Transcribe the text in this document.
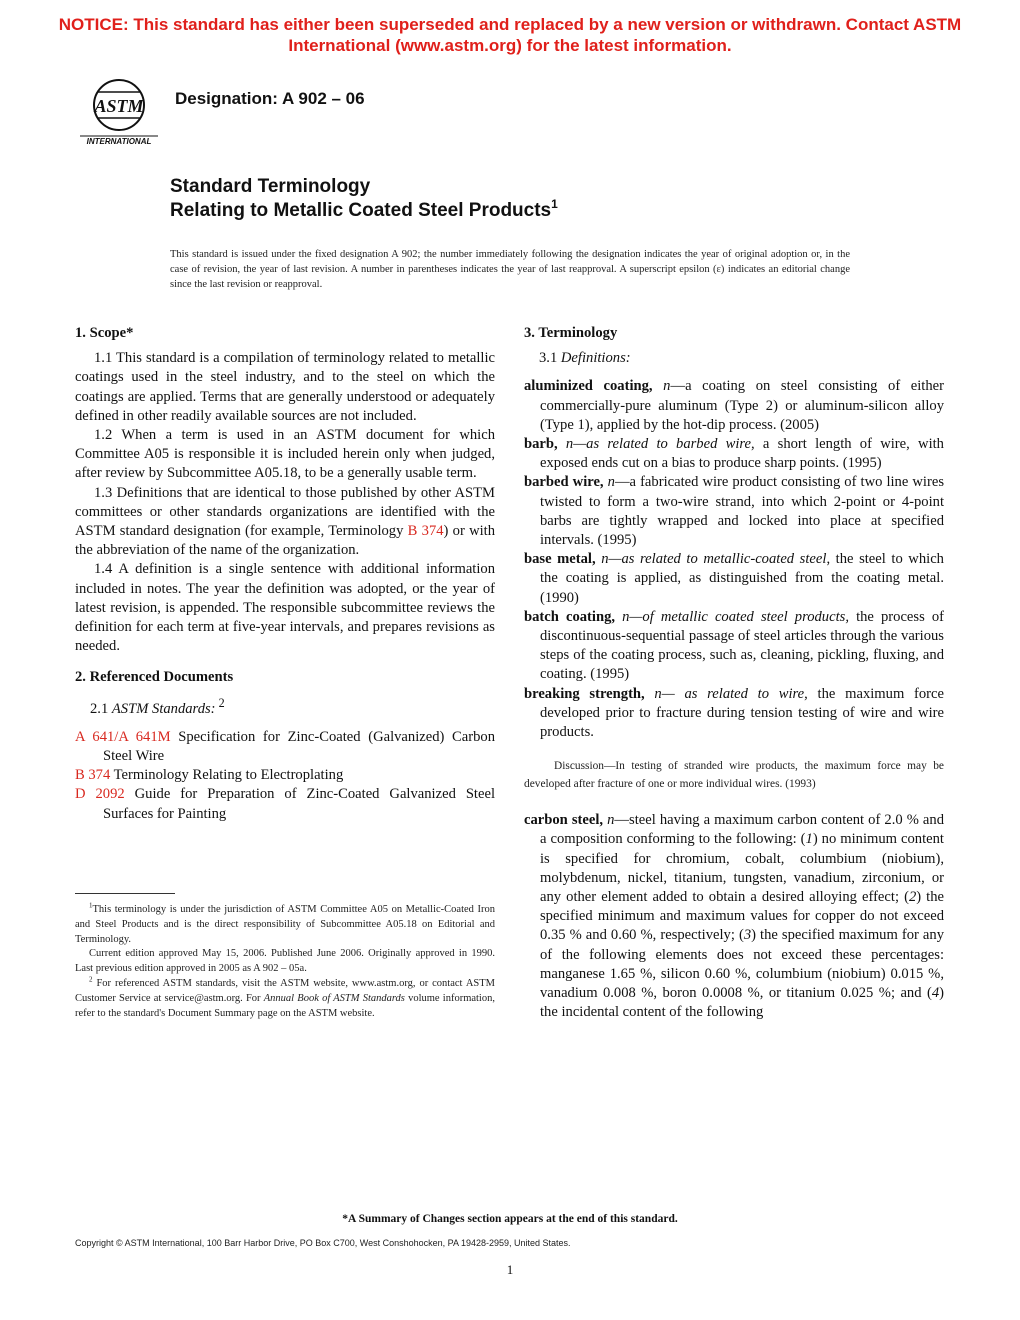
NOTICE: This standard has either been superseded and replaced by a new version or withdrawn. Contact ASTM
International (www.astm.org) for the latest information.
ASTM
INTERNATIONAL
Designation: A 902 – 06
Standard Terminology
Relating to Metallic Coated Steel Products$^1$
This standard is issued under the fixed designation A 902; the number immediately following the designation indicates the year of original adoption or, in the case of revision, the year of last revision. A number in parentheses indicates the year of last reapproval. A superscript epsilon (ε) indicates an editorial change since the last revision or reapproval.
1. Scope*

1.1 This standard is a compilation of terminology related to metallic coatings used in the steel industry, and to the steel on which the coatings are applied. Terms that are generally understood or adequately defined in other readily available sources are not included.

1.2 When a term is used in an ASTM document for which Committee A05 is responsible it is included herein only when judged, after review by Subcommittee A05.18, to be a generally usable term.

1.3 Definitions that are identical to those published by other ASTM committees or other standards organizations are identified with the ASTM standard designation (for example, Terminology B 374) or with the abbreviation of the name of the organization.

1.4 A definition is a single sentence with additional information included in notes. The year the definition was adopted, or the year of latest revision, is appended. The responsible subcommittee reviews the definition for each term at five-year intervals, and prepares revisions as needed.

2. Referenced Documents

2.1 ASTM Standards: $^2$

A 641/A 641M Specification for Zinc-Coated (Galvanized) Carbon Steel Wire

B 374 Terminology Relating to Electroplating

D 2092 Guide for Preparation of Zinc-Coated Galvanized Steel Surfaces for Painting

$^1$This terminology is under the jurisdiction of ASTM Committee A05 on Metallic-Coated Iron and Steel Products and is the direct responsibility of Subcommittee A05.18 on Editorial and Terminology.

Current edition approved May 15, 2006. Published June 2006. Originally approved in 1990. Last previous edition approved in 2005 as A 902 – 05a.

$^2$ For referenced ASTM standards, visit the ASTM website, www.astm.org, or contact ASTM Customer Service at service@astm.org. For Annual Book of ASTM Standards volume information, refer to the standard's Document Summary page on the ASTM website.

3. Terminology

3.1 Definitions:

aluminized coating, n—a coating on steel consisting of either commercially-pure aluminum (Type 2) or aluminum-silicon alloy (Type 1), applied by the hot-dip process. (2005)

barb, n—as related to barbed wire, a short length of wire, with exposed ends cut on a bias to produce sharp points. (1995)

barbed wire, n—a fabricated wire product consisting of two line wires twisted to form a two-wire strand, into which 2-point or 4-point barbs are tightly wrapped and locked into place at specified intervals. (1995)

base metal, n—as related to metallic-coated steel, the steel to which the coating is applied, as distinguished from the coating metal. (1990)

batch coating, n—of metallic coated steel products, the process of discontinuous-sequential passage of steel articles through the various steps of the coating process, such as, cleaning, pickling, fluxing, and coating. (1995)

breaking strength, n— as related to wire, the maximum force developed prior to fracture during tension testing of wire and wire products.

Discussion—In testing of stranded wire products, the maximum force may be developed after fracture of one or more individual wires. (1993)

carbon steel, n—steel having a maximum carbon content of 2.0 % and a composition conforming to the following: (1) no minimum content is specified for chromium, cobalt, columbium (niobium), molybdenum, nickel, titanium, tungsten, vanadium, zirconium, or any other element added to obtain a desired alloying effect; (2) the specified minimum and maximum values for copper do not exceed 0.35 % and 0.60 %, respectively; (3) the specified maximum for any of the following elements does not exceed these percentages: manganese 1.65 %, silicon 0.60 %, columbium (niobium) 0.015 %, vanadium 0.008 %, boron 0.0008 %, or titanium 0.025 %; and (4) the incidental content of the following

*A Summary of Changes section appears at the end of this standard.
Copyright © ASTM International, 100 Barr Harbor Drive, PO Box C700, West Conshohocken, PA 19428-2959, United States.
1
